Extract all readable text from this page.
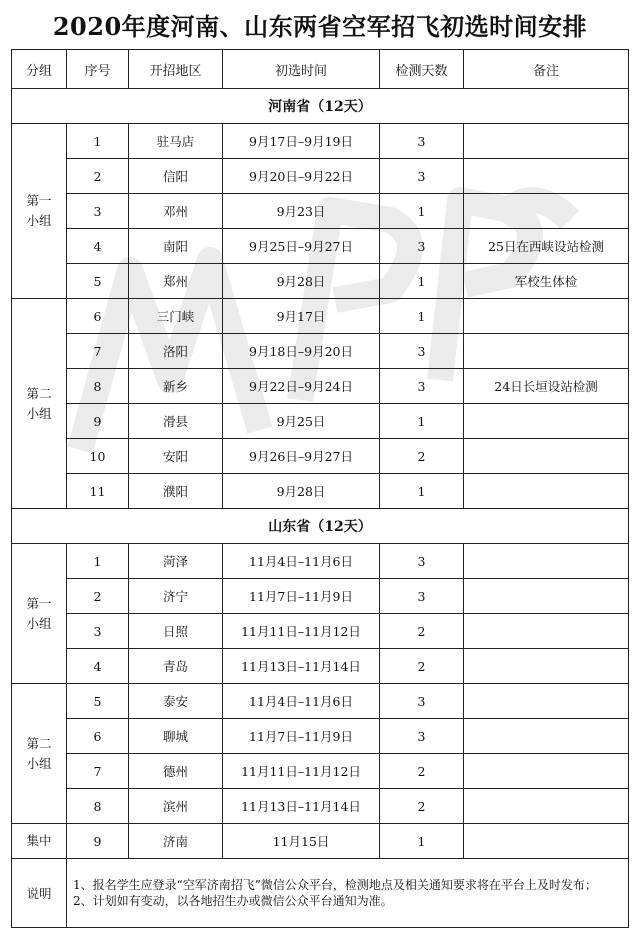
2020年度河南、山东两省空军招飞初选时间安排
分组	序号	开招地区	初选时间	检测天数	备注
河南省（12天）					
第一
小组	1	驻马店	9月17日–9月19日	3	
	2	信阳	9月20日–9月22日	3	
	3	邓州	9月23日	1	
	4	南阳	9月25日–9月27日	3	25日在西峡设站检测
	5	郑州	9月28日	1	军校生体检
第二
小组	6	三门峡	9月17日	1	
	7	洛阳	9月18日–9月20日	3	
	8	新乡	9月22日–9月24日	3	24日长垣设站检测
	9	滑县	9月25日	1	
	10	安阳	9月26日–9月27日	2	
	11	濮阳	9月28日	1	
山东省（12天）					
第一
小组	1	菏泽	11月4日–11月6日	3	
	2	济宁	11月7日–11月9日	3	
	3	日照	11月11日–11月12日	2	
	4	青岛	11月13日–11月14日	2	
第二
小组	5	泰安	11月4日–11月6日	3	
	6	聊城	11月7日–11月9日	3	
	7	德州	11月11日–11月12日	2	
	8	滨州	11月13日–11月14日	2	
集中	9	济南	11月15日	1	
说明	1、报名学生应登录“空军济南招飞”微信公众平台，检测地点及相关通知要求将在平台上及时发布；
2、计划如有变动，以各地招生办或微信公众平台通知为准。				
